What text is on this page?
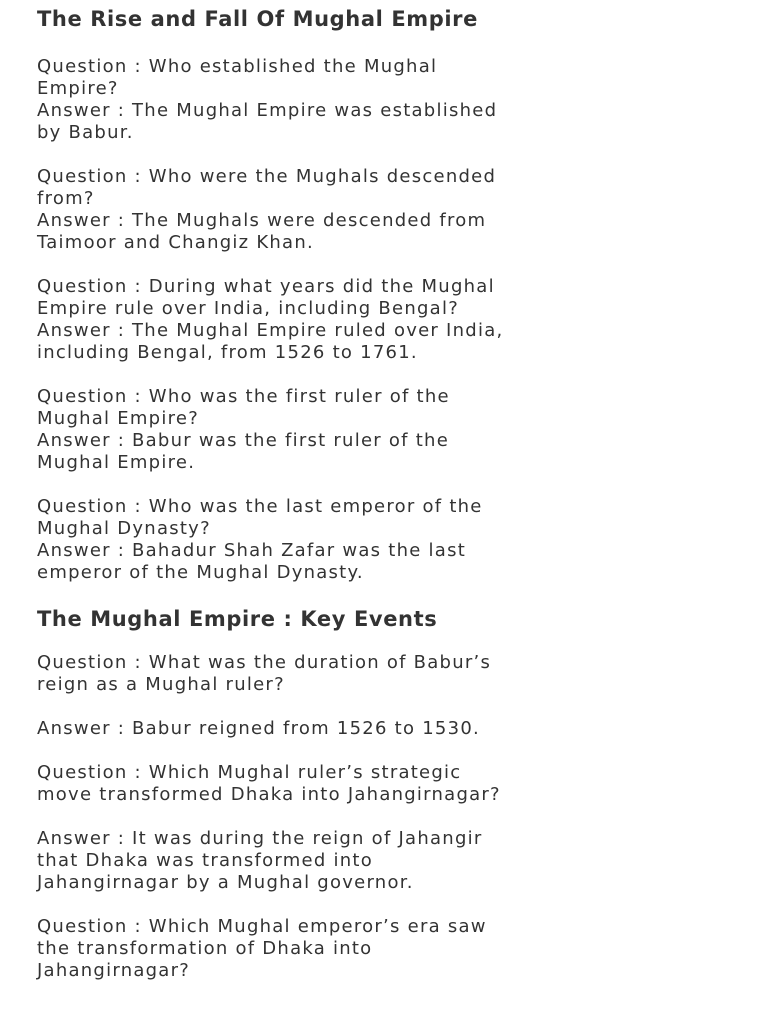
The Rise and Fall Of Mughal Empire

Question : Who established the Mughal
Empire?
Answer : The Mughal Empire was established
by Babur.

Question : Who were the Mughals descended
from?
Answer : The Mughals were descended from
Taimoor and Changiz Khan.

Question : During what years did the Mughal
Empire rule over India, including Bengal?
Answer : The Mughal Empire ruled over India,
including Bengal, from 1526 to 1761.

Question : Who was the first ruler of the
Mughal Empire?
Answer : Babur was the first ruler of the
Mughal Empire.

Question : Who was the last emperor of the
Mughal Dynasty?
Answer : Bahadur Shah Zafar was the last
emperor of the Mughal Dynasty.

The Mughal Empire : Key Events

Question : What was the duration of Babur’s
reign as a Mughal ruler?

Answer : Babur reigned from 1526 to 1530.

Question : Which Mughal ruler’s strategic
move transformed Dhaka into Jahangirnagar?

Answer : It was during the reign of Jahangir
that Dhaka was transformed into
Jahangirnagar by a Mughal governor.

Question : Which Mughal emperor’s era saw
the transformation of Dhaka into
Jahangirnagar?
